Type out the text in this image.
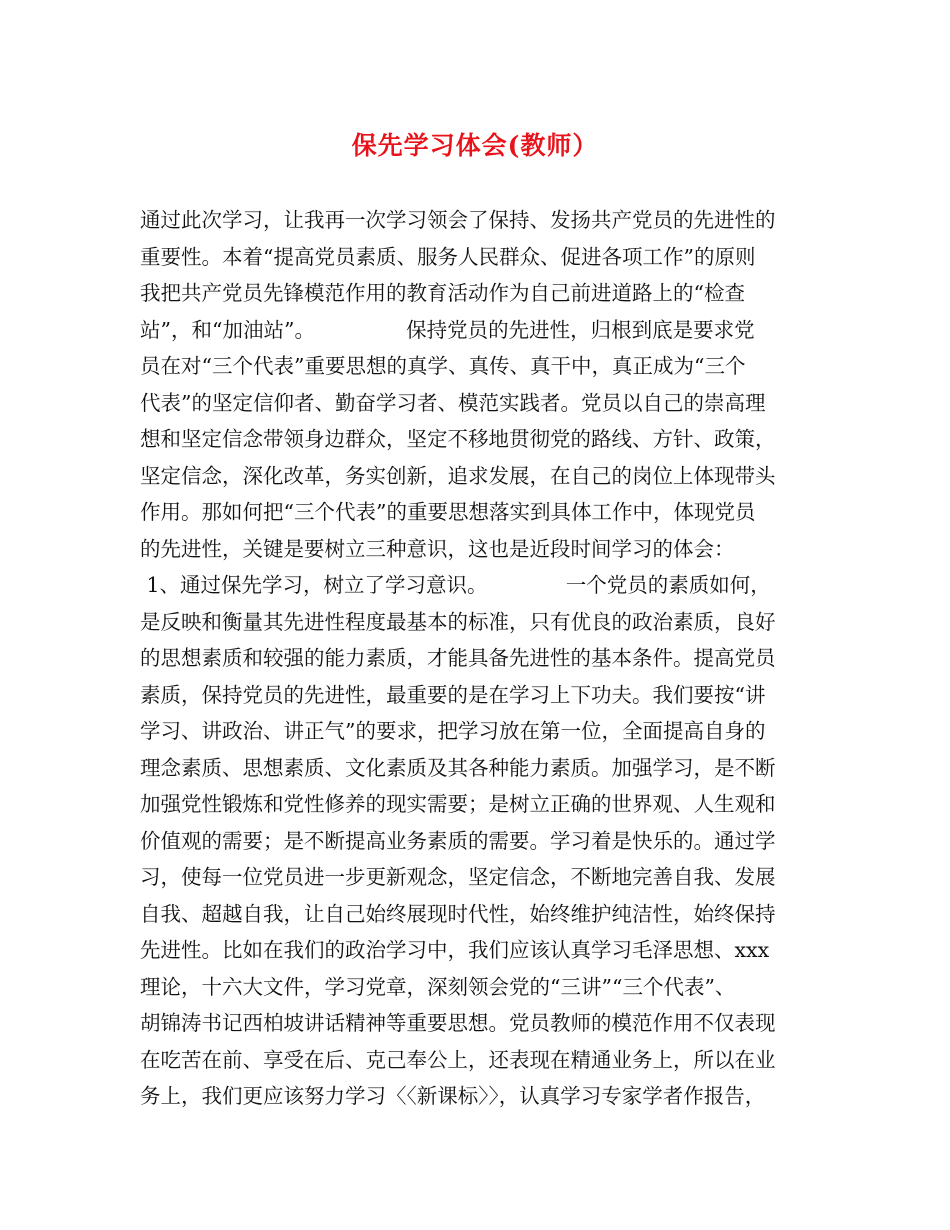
保先学习体会(教师）
通过此次学习，让我再一次学习领会了保持、发扬共产党员的先进性的
重要性。本着“提高党员素质、服务人民群众、促进各项工作”的原则
我把共产党员先锋模范作用的教育活动作为自己前进道路上的“检查
站”，和“加油站”。              保持党员的先进性，归根到底是要求党
员在对“三个代表”重要思想的真学、真传、真干中，真正成为“三个
代表”的坚定信仰者、勤奋学习者、模范实践者。党员以自己的崇高理
想和坚定信念带领身边群众，坚定不移地贯彻党的路线、方针、政策，
坚定信念，深化改革，务实创新，追求发展，在自己的岗位上体现带头
作用。那如何把“三个代表”的重要思想落实到具体工作中，体现党员
的先进性，关键是要树立三种意识，这也是近段时间学习的体会：
1、通过保先学习，树立了学习意识。            一个党员的素质如何，
是反映和衡量其先进性程度最基本的标准，只有优良的政治素质，良好
的思想素质和较强的能力素质，才能具备先进性的基本条件。提高党员
素质，保持党员的先进性，最重要的是在学习上下功夫。我们要按“讲
学习、讲政治、讲正气”的要求，把学习放在第一位，全面提高自身的
理念素质、思想素质、文化素质及其各种能力素质。加强学习，是不断
加强党性锻炼和党性修养的现实需要；是树立正确的世界观、人生观和
价值观的需要；是不断提高业务素质的需要。学习着是快乐的。通过学
习，使每一位党员进一步更新观念，坚定信念，不断地完善自我、发展
自我、超越自我，让自己始终展现时代性，始终维护纯洁性，始终保持
先进性。比如在我们的政治学习中，我们应该认真学习毛泽思想、xxx
理论，十六大文件，学习党章，深刻领会党的“三讲”“三个代表”、
胡锦涛书记西柏坡讲话精神等重要思想。党员教师的模范作用不仅表现
在吃苦在前、享受在后、克己奉公上，还表现在精通业务上，所以在业
务上，我们更应该努力学习〈〈新课标〉〉，认真学习专家学者作报告，
